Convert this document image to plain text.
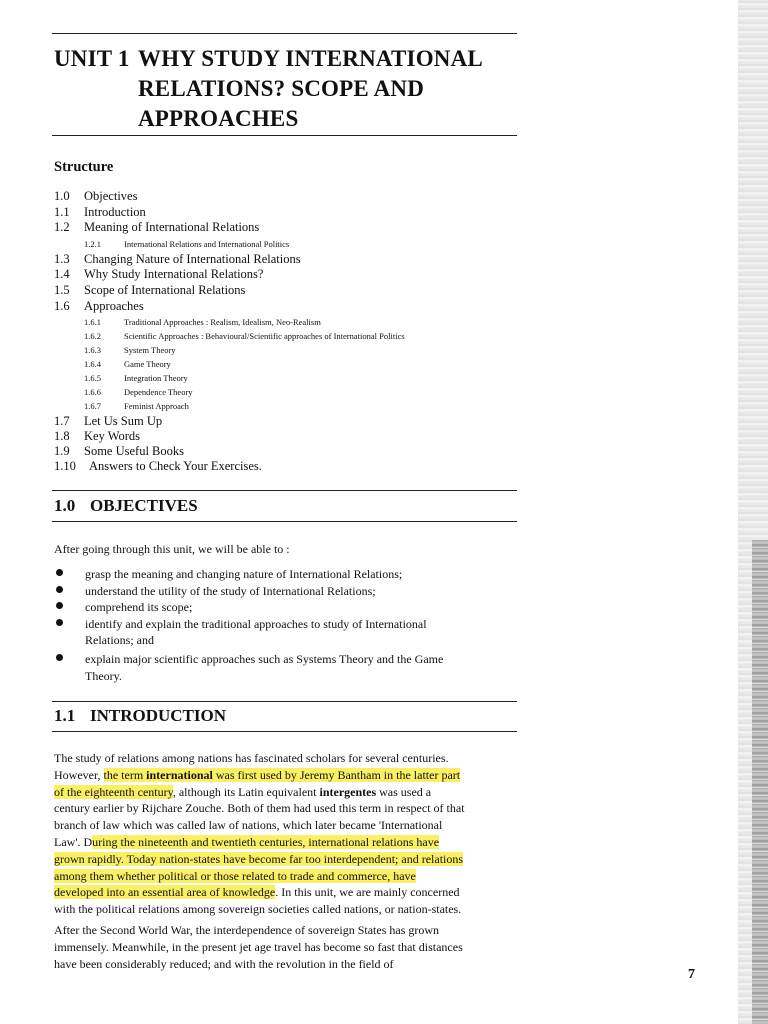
UNIT 1 WHY STUDY INTERNATIONAL
RELATIONS? SCOPE AND
APPROACHES
Structure
1.0 Objectives
1.1 Introduction
1.2 Meaning of International Relations
1.2.1	International Relations and International Politics
1.3 Changing Nature of International Relations
1.4 Why Study International Relations?
1.5 Scope of International Relations
1.6 Approaches
1.6.1	Traditional Approaches : Realism, Idealism, Neo-Realism
1.6.2	Scientific Approaches : Behavioural/Scientific approaches of International Politics
1.6.3	System Theory
1.6.4	Game Theory
1.6.5	Integration Theory
1.6.6	Dependence Theory
1.6.7	Feminist Approach
1.7 Let Us Sum Up
1.8 Key Words
1.9 Some Useful Books
1.10 Answers to Check Your Exercises.
1.0 OBJECTIVES
After going through this unit, we will be able to :
grasp the meaning and changing nature of International Relations;
understand the utility of the study of International Relations;
comprehend its scope;
identify and explain the traditional approaches to study of International
Relations; and
explain major scientific approaches such as Systems Theory and the Game
Theory.
1.1 INTRODUCTION
The study of relations among nations has fascinated scholars for several centuries.
However, the term international was first used by Jeremy Bantham in the latter part
of the eighteenth century, although its Latin equivalent intergentes was used a
century earlier by Rijchare Zouche. Both of them had used this term in respect of that
branch of law which was called law of nations, which later became 'International
Law'. During the nineteenth and twentieth centuries, international relations have
grown rapidly. Today nation-states have become far too interdependent; and relations
among them whether political or those related to trade and commerce, have
developed into an essential area of knowledge. In this unit, we are mainly concerned
with the political relations among sovereign societies called nations, or nation-states.
After the Second World War, the interdependence of sovereign States has grown
immensely. Meanwhile, in the present jet age travel has become so fast that distances
have been considerably reduced; and with the revolution in the field of
7
